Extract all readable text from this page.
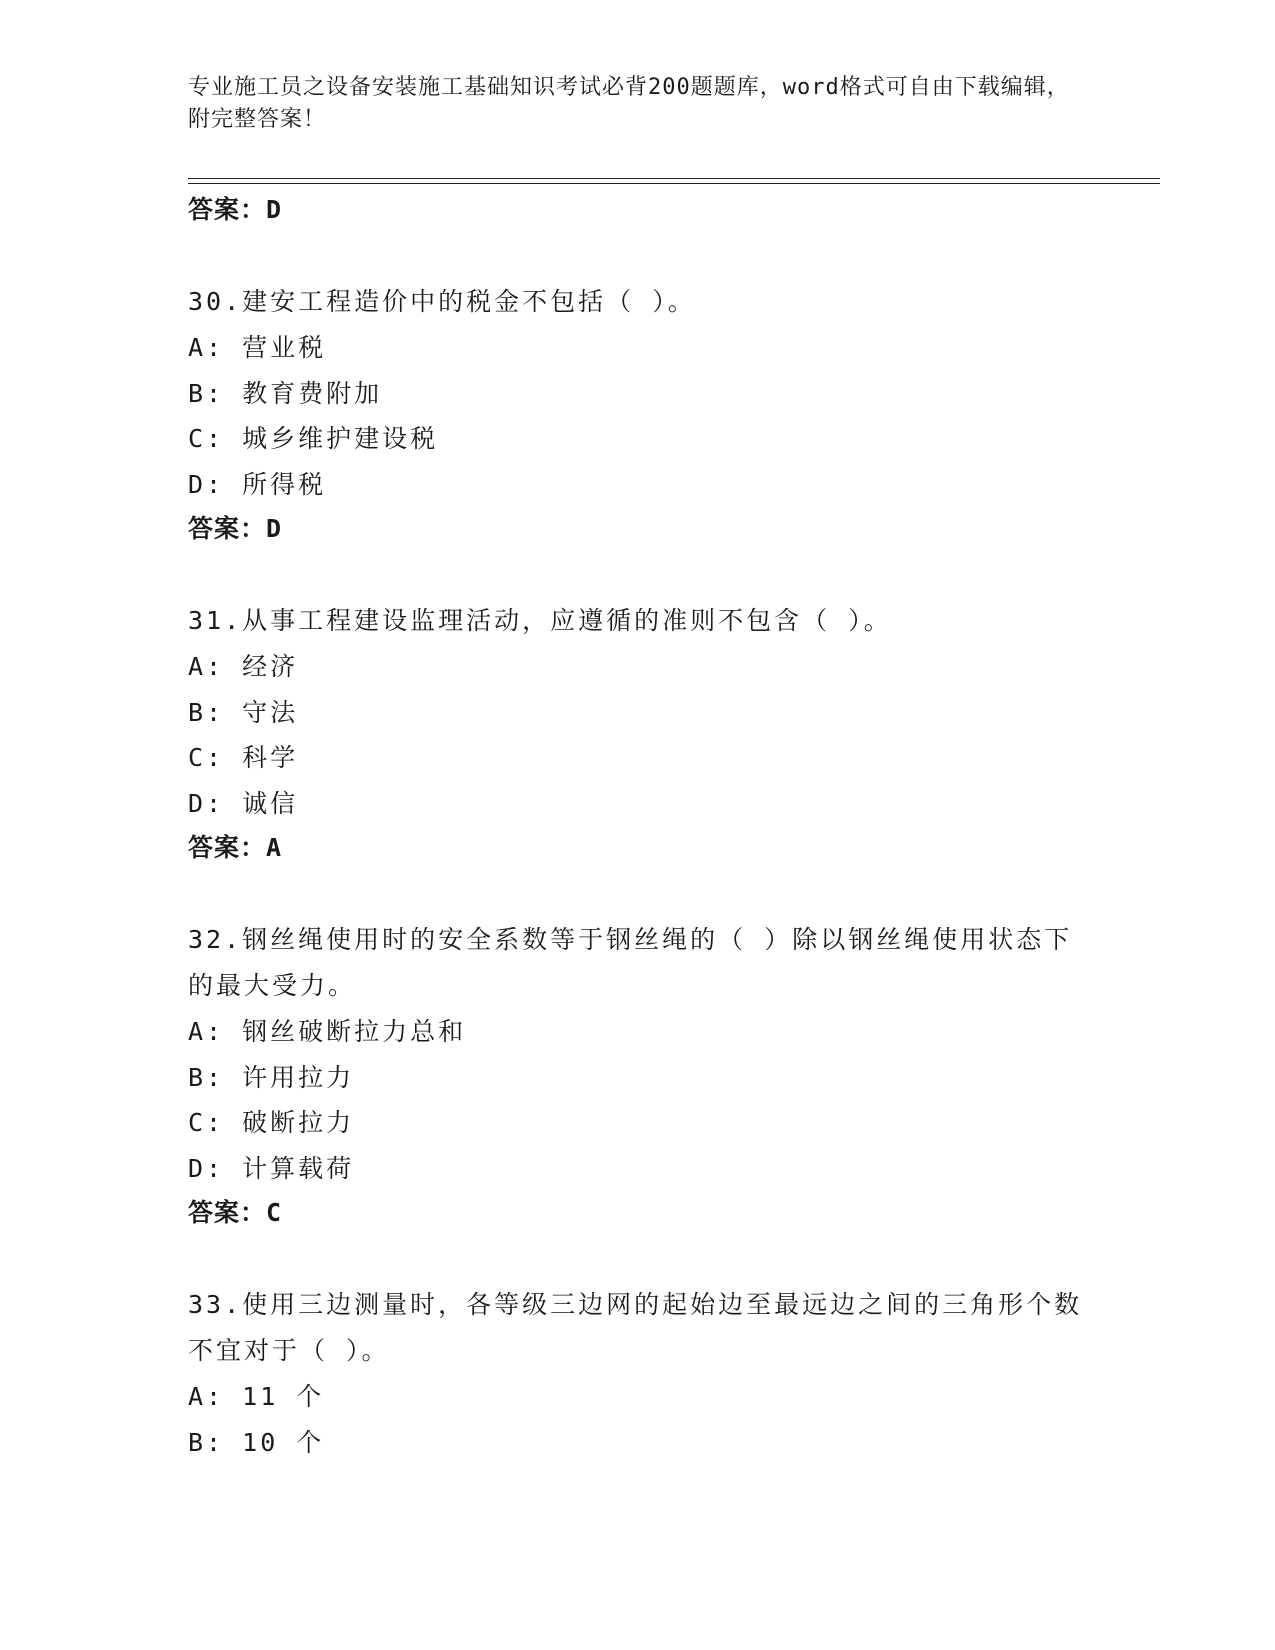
专业施工员之设备安装施工基础知识考试必背200题题库，word格式可自由下载编辑，附完整答案！
答案：D
30.建安工程造价中的税金不包括（ ）。
A: 营业税
B: 教育费附加
C: 城乡维护建设税
D: 所得税
答案：D
31.从事工程建设监理活动，应遵循的准则不包含（ ）。
A: 经济
B: 守法
C: 科学
D: 诚信
答案：A
32.钢丝绳使用时的安全系数等于钢丝绳的（ ）除以钢丝绳使用状态下的最大受力。
A: 钢丝破断拉力总和
B: 许用拉力
C: 破断拉力
D: 计算载荷
答案：C
33.使用三边测量时，各等级三边网的起始边至最远边之间的三角形个数不宜对于（ ）。
A: 11 个
B: 10 个
